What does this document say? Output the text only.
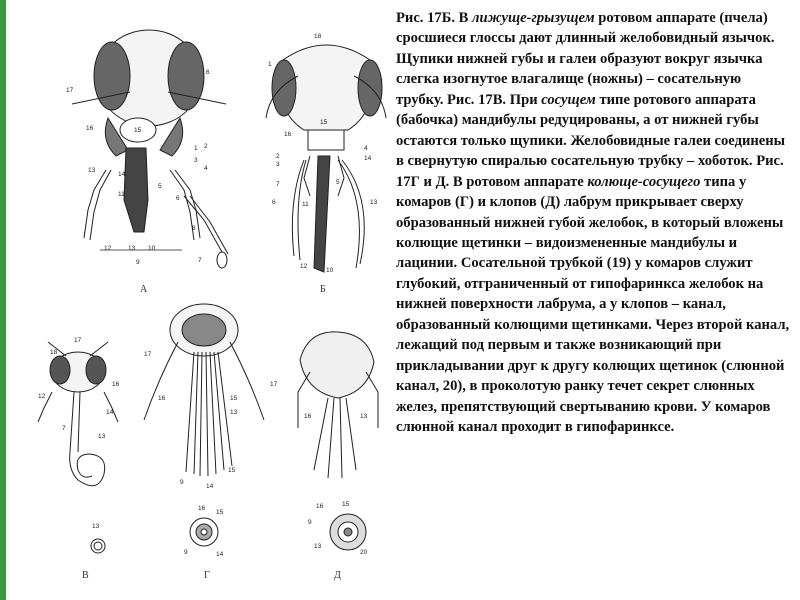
А	Б
В	Г	Д
6
17
16	15
13
1
3
2
4
5
8
6
12	13 10
9	7
14
11
18
1
16
15
2
3
4
14
7
6	11	13
12
10
5
17
18
16
12
14
7
13
13
17
16	15
13
9
14
15
16
15
9	14
17
16	13
16	15
9
13
20

Рис. 17Б. В лижуще-грызущем ротовом аппарате (пчела) сросшиеся глоссы дают длинный желобовидный язычок. Щупики нижней губы и галеи образуют вокруг язычка слегка изогнутое влагалище (ножны) – сосательную трубку. Рис. 17В. При сосущем типе ротового аппарата (бабочка) мандибулы редуцированы, а от нижней губы остаются только щупики. Желобовидные галеи соединены в свернутую спиралью сосательную трубку – хоботок. Рис. 17Г и Д. В ротовом аппарате колюще-сосущего типа у комаров (Г) и клопов (Д) лабрум прикрывает сверху образованный нижней губой желобок, в который вложены колющие щетинки – видоизмененные мандибулы и лацинии. Сосательной трубкой (19) у комаров служит глубокий, отграниченный от гипофаринкса желобок на нижней поверхности лабрума, а у клопов – канал, образованный колющими щетинками. Через второй канал, лежащий под первым и также возникающий при прикладывании друг к другу колющих щетинок (слюнной канал, 20), в проколотую ранку течет секрет слюнных желез, препятствующий свертыванию крови. У комаров слюнной канал проходит в гипофаринксе.
